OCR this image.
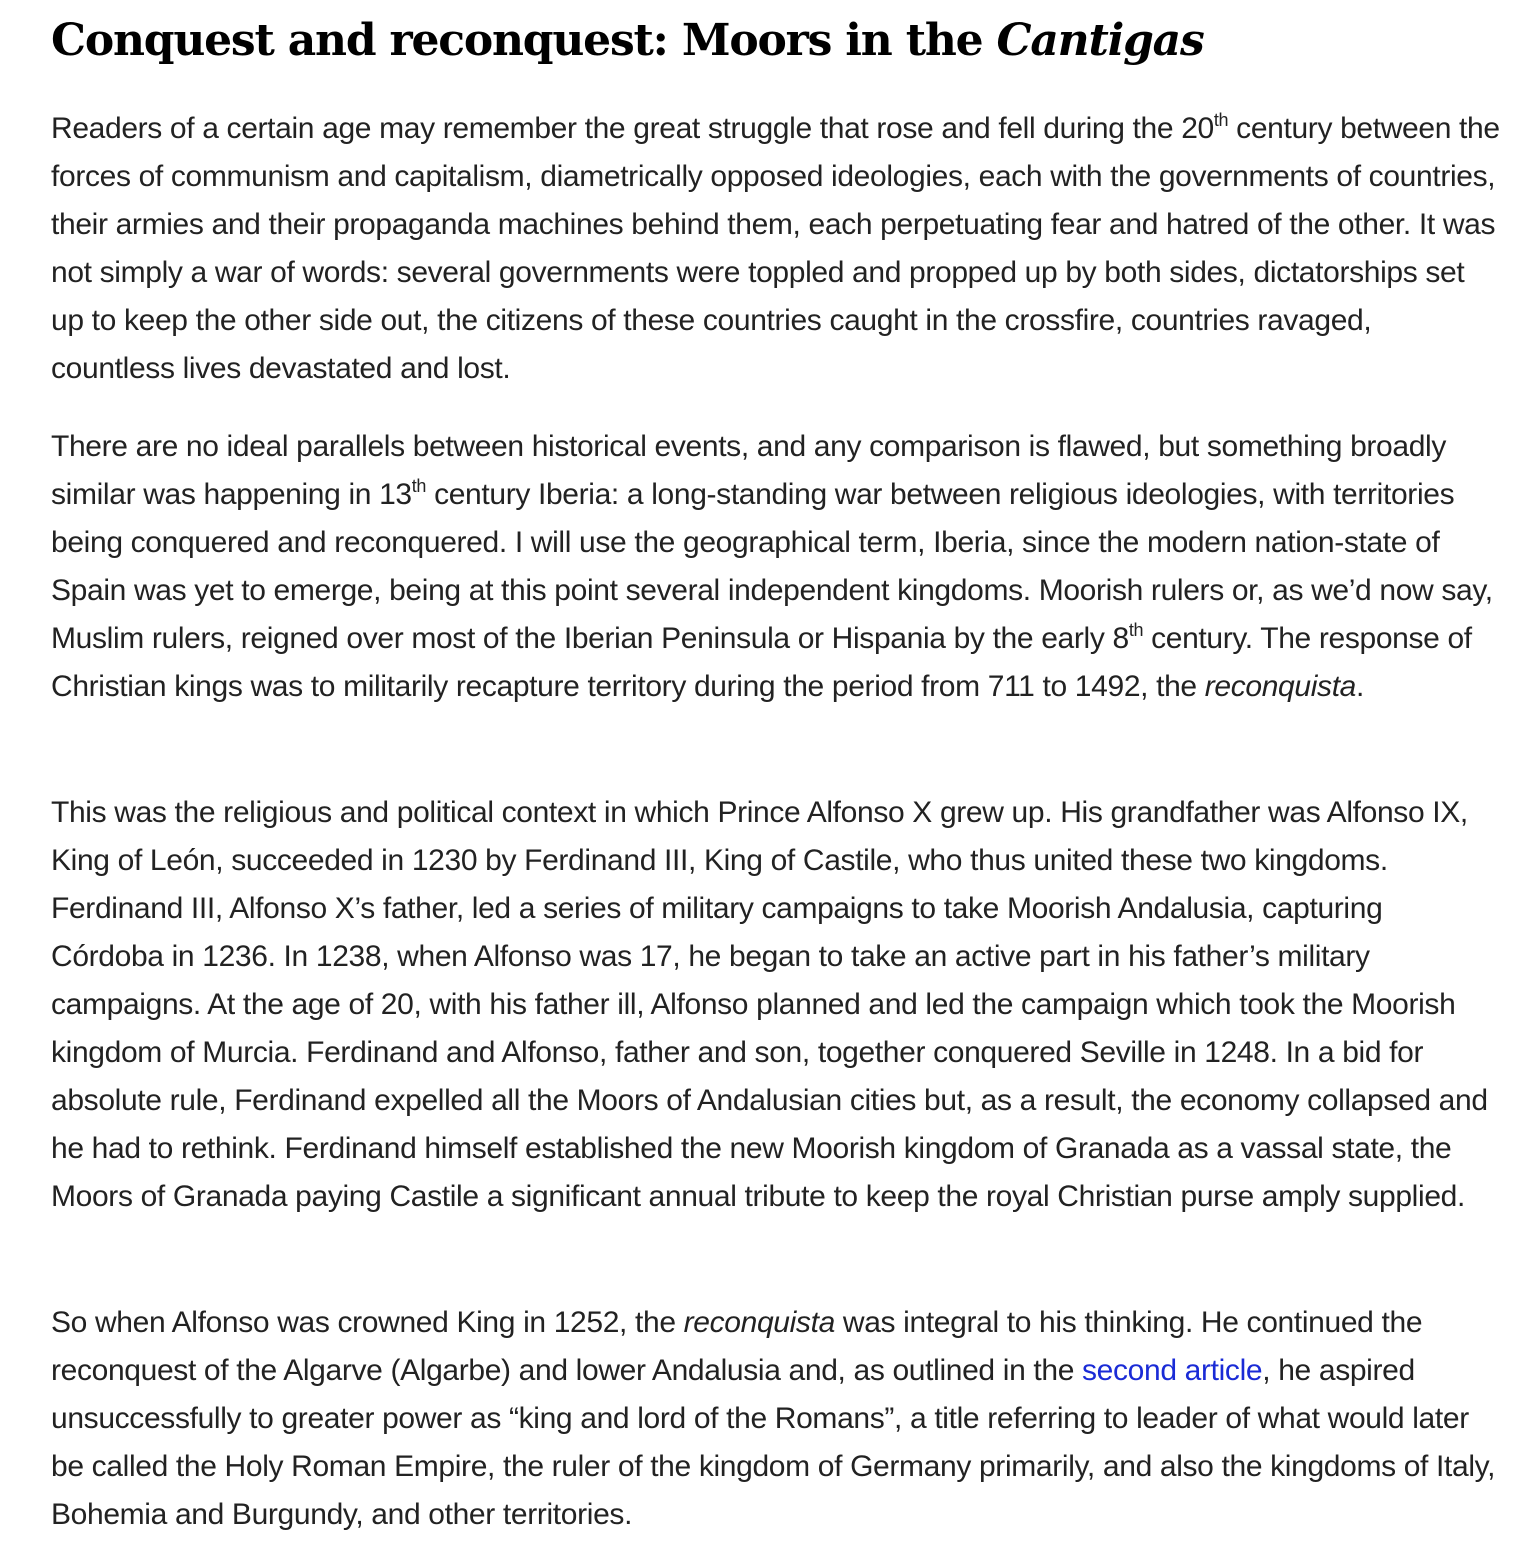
Conquest and reconquest: Moors in the Cantigas

Readers of a certain age may remember the great struggle that rose and fell during the 20th century between the forces of communism and capitalism, diametrically opposed ideologies, each with the governments of countries, their armies and their propaganda machines behind them, each perpetuating fear and hatred of the other. It was not simply a war of words: several governments were toppled and propped up by both sides, dictatorships set up to keep the other side out, the citizens of these countries caught in the crossfire, countries ravaged, countless lives devastated and lost.

There are no ideal parallels between historical events, and any comparison is flawed, but something broadly similar was happening in 13th century Iberia: a long-standing war between religious ideologies, with territories being conquered and reconquered. I will use the geographical term, Iberia, since the modern nation-state of Spain was yet to emerge, being at this point several independent kingdoms. Moorish rulers or, as we’d now say, Muslim rulers, reigned over most of the Iberian Peninsula or Hispania by the early 8th century. The response of Christian kings was to militarily recapture territory during the period from 711 to 1492, the reconquista.

This was the religious and political context in which Prince Alfonso X grew up. His grandfather was Alfonso IX, King of León, succeeded in 1230 by Ferdinand III, King of Castile, who thus united these two kingdoms. Ferdinand III, Alfonso X’s father, led a series of military campaigns to take Moorish Andalusia, capturing Córdoba in 1236. In 1238, when Alfonso was 17, he began to take an active part in his father’s military campaigns. At the age of 20, with his father ill, Alfonso planned and led the campaign which took the Moorish kingdom of Murcia. Ferdinand and Alfonso, father and son, together conquered Seville in 1248. In a bid for absolute rule, Ferdinand expelled all the Moors of Andalusian cities but, as a result, the economy collapsed and he had to rethink. Ferdinand himself established the new Moorish kingdom of Granada as a vassal state, the Moors of Granada paying Castile a significant annual tribute to keep the royal Christian purse amply supplied.

So when Alfonso was crowned King in 1252, the reconquista was integral to his thinking. He continued the reconquest of the Algarve (Algarbe) and lower Andalusia and, as outlined in the second article, he aspired unsuccessfully to greater power as “king and lord of the Romans”, a title referring to leader of what would later be called the Holy Roman Empire, the ruler of the kingdom of Germany primarily, and also the kingdoms of Italy, Bohemia and Burgundy, and other territories.
